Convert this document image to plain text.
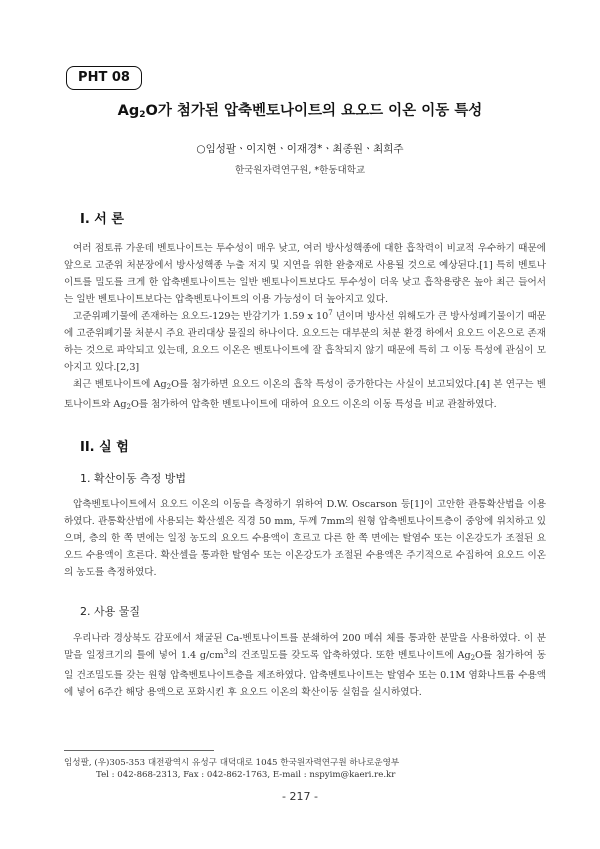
PHT 08
$Ag_2O$가 첨가된 압축벤토나이트의 요오드 이온 이동 특성
○임성팔ㆍ이지현ㆍ이재경*ㆍ최종원ㆍ최희주
한국원자력연구원, *한동대학교
I. 서 론

여러 점토류 가운데 벤토나이트는 투수성이 매우 낮고, 여러 방사성핵종에 대한 흡착력이 비교적 우수하기 때문에 앞으로 고준위 처분장에서 방사성핵종 누출 저지 및 지연을 위한 완충재로 사용될 것으로 예상된다.[1] 특히 벤토나이트를 밀도를 크게 한 압축벤토나이트는 일반 벤토나이트보다도 투수성이 더욱 낮고 흡착용량은 높아 최근 들어서는 일반 벤토나이트보다는 압축벤토나이트의 이용 가능성이 더 높아지고 있다.

고준위폐기물에 존재하는 요오드-129는 반감기가 1.59 x $10^7$ 년이며 방사선 위해도가 큰 방사성폐기물이기 때문에 고준위폐기물 처분시 주요 관리대상 물질의 하나이다. 요오드는 대부분의 처분 환경 하에서 요오드 이온으로 존재하는 것으로 파악되고 있는데, 요오드 이온은 벤토나이트에 잘 흡착되지 않기 때문에 특히 그 이동 특성에 관심이 모아지고 있다.[2,3]

최근 벤토나이트에 $Ag_2O$를 첨가하면 요오드 이온의 흡착 특성이 증가한다는 사실이 보고되었다.[4] 본 연구는 벤토나이트와 $Ag_2O$를 첨가하여 압축한 벤토나이트에 대하여 요오드 이온의 이동 특성을 비교 관찰하였다.

II. 실 험
1. 확산이동 측정 방법

압축벤토나이트에서 요오드 이온의 이동을 측정하기 위하여 D.W. Oscarson 등[1]이 고안한 관통확산법을 이용하였다. 관통확산법에 사용되는 확산셀은 직경 50 mm, 두께 7mm의 원형 압축벤토나이트층이 중앙에 위치하고 있으며, 층의 한 쪽 면에는 일정 농도의 요오드 수용액이 흐르고 다른 한 쪽 면에는 탈염수 또는 이온강도가 조절된 요오드 수용액이 흐른다. 확산셀을 통과한 탈염수 또는 이온강도가 조절된 수용액은 주기적으로 수집하여 요오드 이온의 농도를 측정하였다.

2. 사용 물질

우리나라 경상북도 감포에서 채굴된 Ca-벤토나이트를 분쇄하여 200 메쉬 체를 통과한 분말을 사용하였다. 이 분말을 일정크기의 틀에 넣어 1.4 $g/cm^3$의 건조밀도를 갖도록 압축하였다. 또한 벤토나이트에 $Ag_2O$를 첨가하여 동일 건조밀도를 갖는 원형 압축벤토나이트층을 제조하였다. 압축벤토나이트는 탈염수 또는 0.1M 염화나트륨 수용액에 넣어 6주간 해당 용액으로 포화시킨 후 요오드 이온의 확산이동 실험을 실시하였다.

임성팔, (우)305-353 대전광역시 유성구 대덕대로 1045 한국원자력연구원 하나로운영부
Tel : 042-868-2313, Fax : 042-862-1763, E-mail : nspyim@kaeri.re.kr
- 217 -
